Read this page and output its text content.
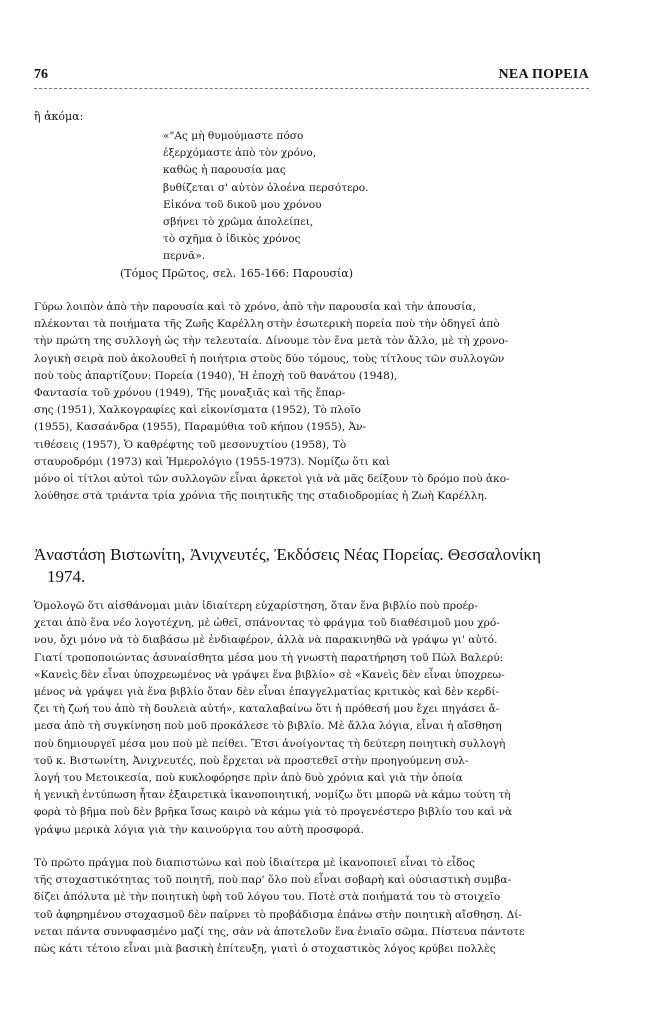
76	ΝΕΑ ΠΟΡΕΙΑ
ἢ ἀκόμα:
«"Ας μὴ θυμούμαστε πόσο
ἐξερχόμαστε ἀπὸ τὸν χρόνο,
καθὼς ἡ παρουσία μας
βυθίζεται σ' αὐτὸν ὁλοένα περσότερο.
Εἰκόνα τοῦ δικοῦ μου χρόνου
σβήνει τὸ χρῶμα ἀπολείπει,
τὸ σχῆμα ὁ ἰδικὸς χρόνος
περνᾶ».
(Τόμος Πρῶτος, σελ. 165-166: Παρουσία)
Γύρω λοιπὸν ἀπὸ τὴν παρουσία καὶ τὸ χρόνο, ἀπὸ τὴν παρουσία καὶ τὴν ἀπουσία,
πλέκονται τὰ ποιήματα τῆς Ζωῆς Καρέλλη στὴν ἐσωτερικὴ πορεία ποὺ τὴν ὁδηγεῖ ἀπὸ
τὴν πρώτη της συλλογὴ ὡς τὴν τελευταία. Δίνουμε τὸν ἕνα μετὰ τὸν ἄλλο, μὲ τὴ χρονο-
λογικὴ σειρὰ ποὺ ἀκολουθεῖ ἡ ποιήτρια στοὺς δύο τόμους, τοὺς τίτλους τῶν συλλογῶν
ποὺ τοὺς ἀπαρτίζουν: Πορεία (1940), Ἡ ἐποχὴ τοῦ θανάτου (1948),
Φαντασία τοῦ χρόνου (1949), Τῆς μοναξιᾶς καὶ τῆς ἔπαρ-
σης (1951), Χαλκογραφίες καὶ εἰκονίσματα (1952), Τὸ πλοῖο
(1955), Κασσάνδρα (1955), Παραμύθια τοῦ κήπου (1955), Ἀν-
τιθέσεις (1957), Ὁ καθρέφτης τοῦ μεσονυχτίου (1958), Τὸ
σταυροδρόμι (1973) καὶ Ἡμερολόγιο (1955-1973). Νομίζω ὅτι καὶ
μόνο οἱ τίτλοι αὐτοὶ τῶν συλλογῶν εἶναι ἀρκετοὶ γιὰ νὰ μᾶς δείξουν τὸ δρόμο ποὺ ἀκο-
λούθησε στὰ τριάντα τρία χρόνια τῆς ποιητικῆς της σταδιοδρομίας ἡ Ζωὴ Καρέλλη.
Ἀναστάση Βιστωνίτη, Ἀνιχνευτές, Ἐκδόσεις Νέας Πορείας. Θεσσαλονίκη
1974.
Ὁμολογῶ ὅτι αἰσθάνομαι μιὰν ἰδιαίτερη εὐχαρίστηση, ὅταν ἕνα βιβλίο ποὺ προέρ-
χεται ἀπὸ ἕνα νέο λογοτέχνη, μὲ ὠθεῖ, σπάνοντας τὸ φράγμα τοῦ διαθέσιμοῦ μου χρό-
νου, ὄχι μόνο νὰ τὸ διαβάσω μὲ ἐνδιαφέρον, ἀλλὰ νὰ παρακινηθῶ νὰ γράψω γι' αὐτό.
Γιατί τροποποιώντας ἀσυναίσθητα μέσα μου τὴ γνωστὴ παρατήρηση τοῦ Πὼλ Βαλερύ:
«Κανεὶς δὲν εἶναι ὑποχρεωμένος νὰ γράψει ἕνα βιβλίο» σὲ «Κανεὶς δὲν εἶναι ὑποχρεω-
μένος νὰ γράψει γιὰ ἕνα βιβλίο ὅταν δὲν εἶναι ἐπαγγελματίας κριτικὸς καὶ δὲν κερδί-
ζει τὴ ζωή του ἀπὸ τὴ δουλειὰ αὐτή», καταλαβαίνω ὅτι ἡ πρόθεσή μου ἔχει πηγάσει ἄ-
μεσα ἀπὸ τὴ συγκίνηση ποὺ μοῦ προκάλεσε τὸ βιβλίο. Μὲ ἄλλα λόγια, εἶναι ἡ αἴσθηση
ποὺ δημιουργεῖ μέσα μου ποὺ μὲ πείθει. Ἔτσι ἀνοίγοντας τὴ δεύτερη ποιητικὴ συλλογὴ
τοῦ κ. Βιστωνίτη, Ἀνιχνευτές, ποὺ ἔρχεται νὰ προστεθεῖ στὴν προηγούμενη συλ-
λογή του Μετοικεσία, ποὺ κυκλοφόρησε πρὶν ἀπὸ δυὸ χρόνια καὶ γιὰ τὴν ὁποία
ἡ γενικὴ ἐντύπωση ἦταν ἐξαιρετικὰ ἱκανοποιητική, νομίζω ὅτι μπορῶ νὰ κάμω τούτη τὴ
φορὰ τὸ βῆμα ποὺ δὲν βρῆκα ἴσως καιρὸ νὰ κάμω γιὰ τὸ προγενέστερο βιβλίο του καὶ νὰ
γράψω μερικὰ λόγια γιὰ τὴν καινούργια του αὐτὴ προσφορά.
Τὸ πρῶτο πράγμα ποὺ διαπιστώνω καὶ ποὺ ἰδιαίτερα μὲ ἱκανοποιεῖ εἶναι τὸ εἶδος
τῆς στοχαστικότητας τοῦ ποιητῆ, ποὺ παρ' ὅλο ποὺ εἶναι σοβαρὴ καὶ οὐσιαστικὴ συμβα-
δίζει ἀπόλυτα μὲ τὴν ποιητικὴ ὑφὴ τοῦ λόγου του. Ποτὲ στὰ ποιήματά του τὸ στοιχεῖο
τοῦ ἀφηρημένου στοχασμοῦ δὲν παίρνει τὸ προβάδισμα ἐπάνω στὴν ποιητικὴ αἴσθηση. Δί-
νεται πάντα συνυφασμένο μαζί της, σὰν νὰ ἀποτελοῦν ἕνα ἑνιαῖο σῶμα. Πίστευα πάντοτε
πὼς κάτι τέτοιο εἶναι μιὰ βασικὴ ἐπίτευξη, γιατὶ ὁ στοχαστικὸς λόγος κρύβει πολλὲς
